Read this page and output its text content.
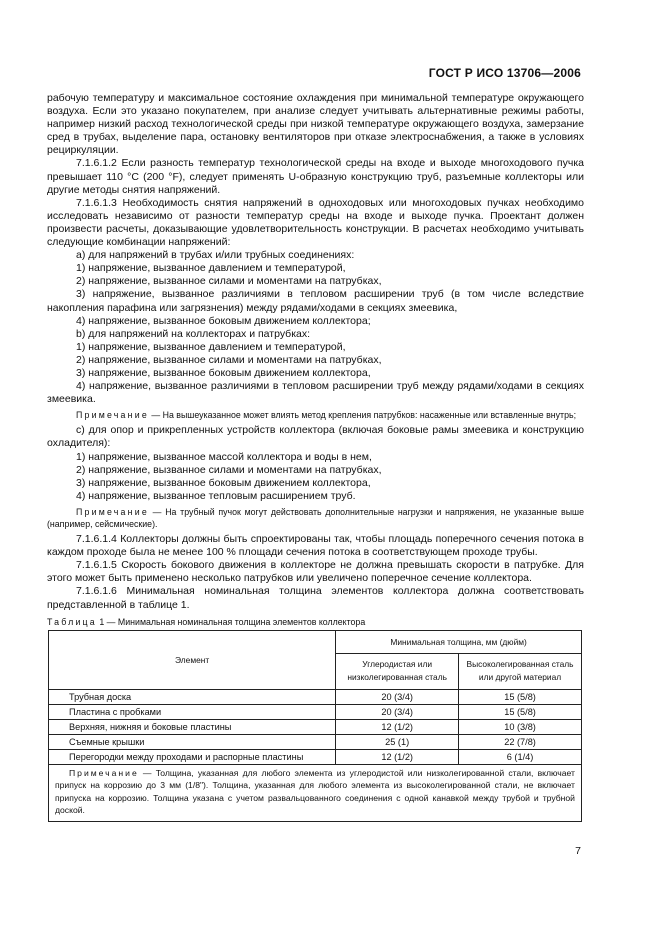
ГОСТ Р ИСО 13706—2006

рабочую температуру и максимальное состояние охлаждения при минимальной температуре окружающего воздуха. Если это указано покупателем, при анализе следует учитывать альтернативные режимы работы, например низкий расход технологической среды при низкой температуре окружающего воздуха, замерзание сред в трубах, выделение пара, остановку вентиляторов при отказе электроснабжения, а также в условиях рециркуляции.

7.1.6.1.2 Если разность температур технологической среды на входе и выходе многоходового пучка превышает 110 °C (200 °F), следует применять U-образную конструкцию труб, разъемные коллекторы или другие методы снятия напряжений.

7.1.6.1.3 Необходимость снятия напряжений в одноходовых или многоходовых пучках необходимо исследовать независимо от разности температур среды на входе и выходе пучка. Проектант должен произвести расчеты, доказывающие удовлетворительность конструкции. В расчетах необходимо учитывать следующие комбинации напряжений:

a) для напряжений в трубах и/или трубных соединениях:

1) напряжение, вызванное давлением и температурой,

2) напряжение, вызванное силами и моментами на патрубках,

3) напряжение, вызванное различиями в тепловом расширении труб (в том числе вследствие накопления парафина или загрязнения) между рядами/ходами в секциях змеевика,

4) напряжение, вызванное боковым движением коллектора;

b) для напряжений на коллекторах и патрубках:

1) напряжение, вызванное давлением и температурой,

2) напряжение, вызванное силами и моментами на патрубках,

3) напряжение, вызванное боковым движением коллектора,

4) напряжение, вызванное различиями в тепловом расширении труб между рядами/ходами в секциях змеевика.

Примечание — На вышеуказанное может влиять метод крепления патрубков: насаженные или вставленные внутрь;

c) для опор и прикрепленных устройств коллектора (включая боковые рамы змеевика и конструкцию охладителя):

1) напряжение, вызванное массой коллектора и воды в нем,

2) напряжение, вызванное силами и моментами на патрубках,

3) напряжение, вызванное боковым движением коллектора,

4) напряжение, вызванное тепловым расширением труб.

Примечание — На трубный пучок могут действовать дополнительные нагрузки и напряжения, не указанные выше (например, сейсмические).

7.1.6.1.4 Коллекторы должны быть спроектированы так, чтобы площадь поперечного сечения потока в каждом проходе была не менее 100 % площади сечения потока в соответствующем проходе трубы.

7.1.6.1.5 Скорость бокового движения в коллекторе не должна превышать скорости в патрубке. Для этого может быть применено несколько патрубков или увеличено поперечное сечение коллектора.

7.1.6.1.6 Минимальная номинальная толщина элементов коллектора должна соответствовать представленной в таблице 1.

Таблица 1 — Минимальная номинальная толщина элементов коллектора
Элемент	Минимальная толщина, мм (дюйм)	
	Углеродистая или низколегированная сталь	Высоколегированная сталь или другой материал
Трубная доска	20 (3/4)	15 (5/8)
Пластина с пробками	20 (3/4)	15 (5/8)
Верхняя, нижняя и боковые пластины	12 (1/2)	10 (3/8)
Съемные крышки	25 (1)	22 (7/8)
Перегородки между проходами и распорные пластины	12 (1/2)	6 (1/4)
Примечание — Толщина, указанная для любого элемента из углеродистой или низколегированной стали, включает припуск на коррозию до 3 мм (1/8"). Толщина, указанная для любого элемента из высоколегированной стали, не включает припуска на коррозию. Толщина указана с учетом развальцованного соединения с одной канавкой между трубой и трубной доской.		
7
